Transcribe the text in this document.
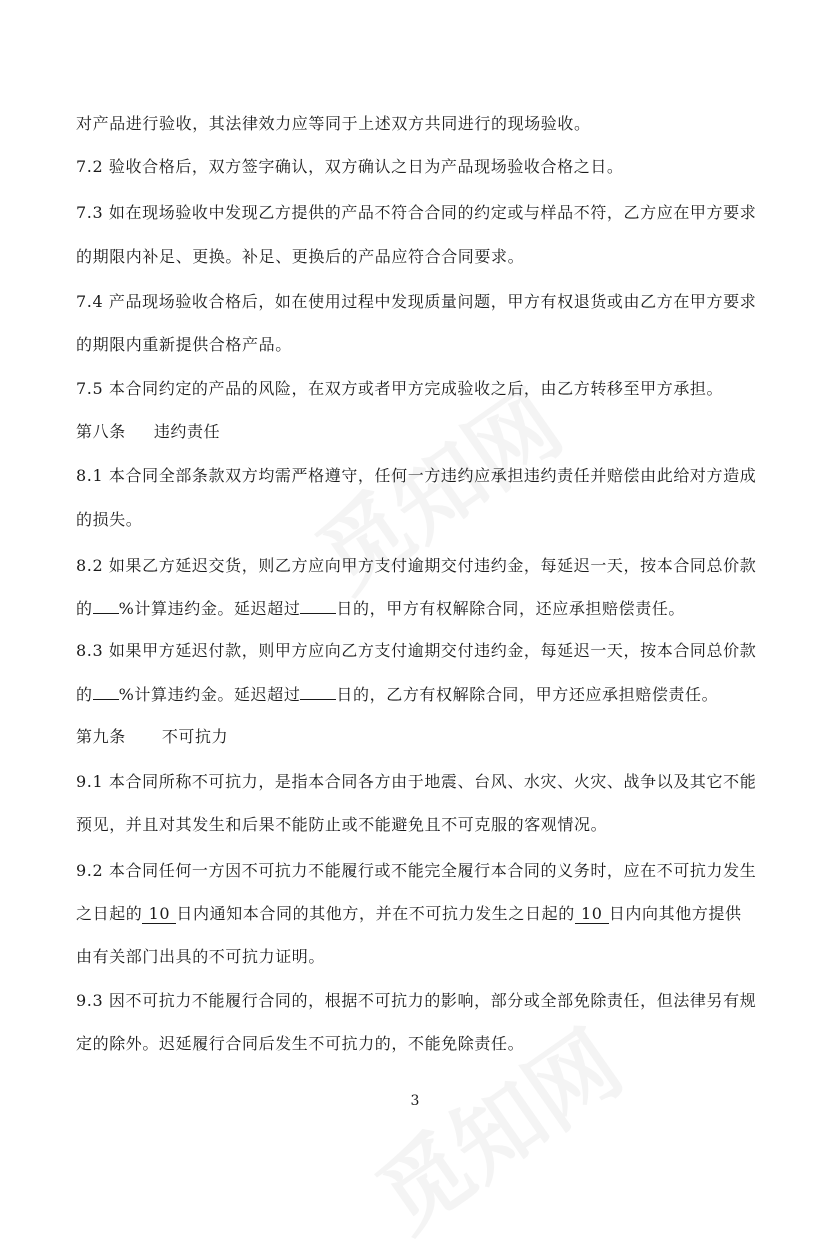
对产品进行验收，其法律效力应等同于上述双方共同进行的现场验收。
7.2 验收合格后，双方签字确认，双方确认之日为产品现场验收合格之日。
7.3 如在现场验收中发现乙方提供的产品不符合合同的约定或与样品不符，乙方应在甲方要求
的期限内补足、更换。补足、更换后的产品应符合合同要求。
7.4 产品现场验收合格后，如在使用过程中发现质量问题，甲方有权退货或由乙方在甲方要求
的期限内重新提供合格产品。
7.5 本合同约定的产品的风险，在双方或者甲方完成验收之后，由乙方转移至甲方承担。
第八条 违约责任
8.1 本合同全部条款双方均需严格遵守，任何一方违约应承担违约责任并赔偿由此给对方造成
的损失。
8.2 如果乙方延迟交货，则乙方应向甲方支付逾期交付违约金，每延迟一天，按本合同总价款
的 %计算违约金。延迟超过 日的，甲方有权解除合同，还应承担赔偿责任。
8.3 如果甲方延迟付款，则甲方应向乙方支付逾期交付违约金，每延迟一天，按本合同总价款
的 %计算违约金。延迟超过 日的，乙方有权解除合同，甲方还应承担赔偿责任。
第九条 不可抗力
9.1 本合同所称不可抗力，是指本合同各方由于地震、台风、水灾、火灾、战争以及其它不能
预见，并且对其发生和后果不能防止或不能避免且不可克服的客观情况。
9.2 本合同任何一方因不可抗力不能履行或不能完全履行本合同的义务时，应在不可抗力发生
之日起的 10 日内通知本合同的其他方，并在不可抗力发生之日起的 10 日内向其他方提供
由有关部门出具的不可抗力证明。
9.3 因不可抗力不能履行合同的，根据不可抗力的影响，部分或全部免除责任，但法律另有规
定的除外。迟延履行合同后发生不可抗力的，不能免除责任。
3
